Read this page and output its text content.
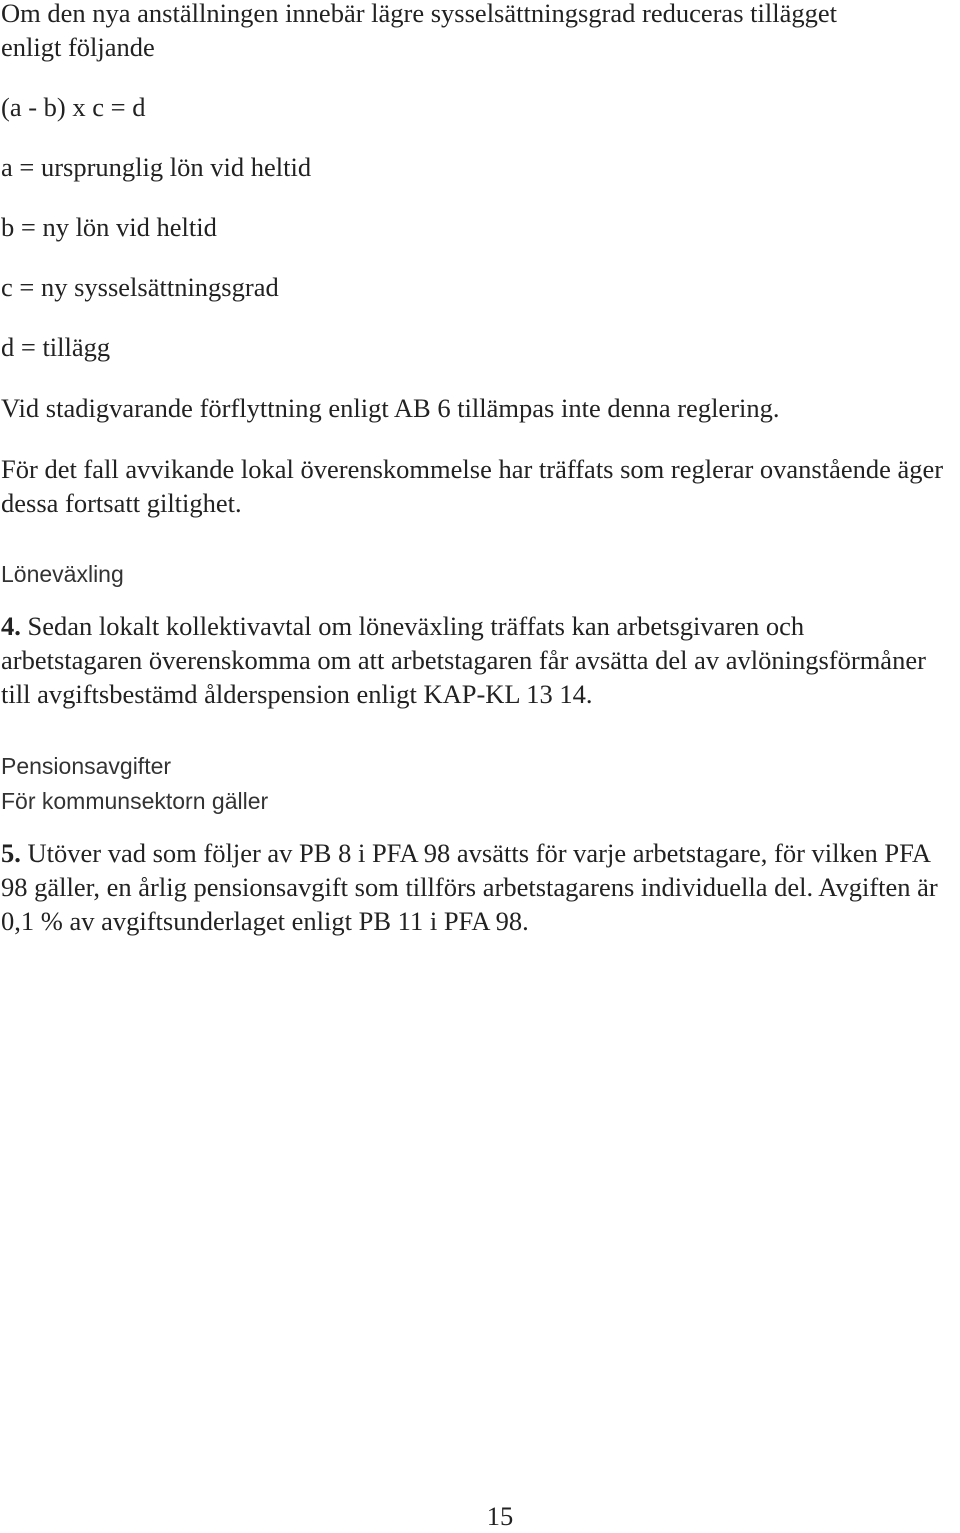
Om den nya anställningen innebär lägre sysselsättningsgrad reduceras tillägget

enligt följande

(a - b) x c = d

a = ursprunglig lön vid heltid

b = ny lön vid heltid

c = ny sysselsättningsgrad

d = tillägg

Vid stadigvarande förflyttning enligt AB 6 tillämpas inte denna reglering.

För det fall avvikande lokal överenskommelse har träffats som reglerar ovanstående äger dessa fortsatt giltighet.

Löneväxling

4. Sedan lokalt kollektivavtal om löneväxling träffats kan arbetsgivaren och arbetstagaren överenskomma om att arbetstagaren får avsätta del av avlöningsförmåner till avgiftsbestämd ålderspension enligt KAP-KL 13 14.

Pensionsavgifter

För kommunsektorn gäller

5. Utöver vad som följer av PB 8 i PFA 98 avsätts för varje arbetstagare, för vilken PFA 98 gäller, en årlig pensionsavgift som tillförs arbetstagarens individuella del. Avgiften är 0,1 % av avgiftsunderlaget enligt PB 11 i PFA 98.

15
